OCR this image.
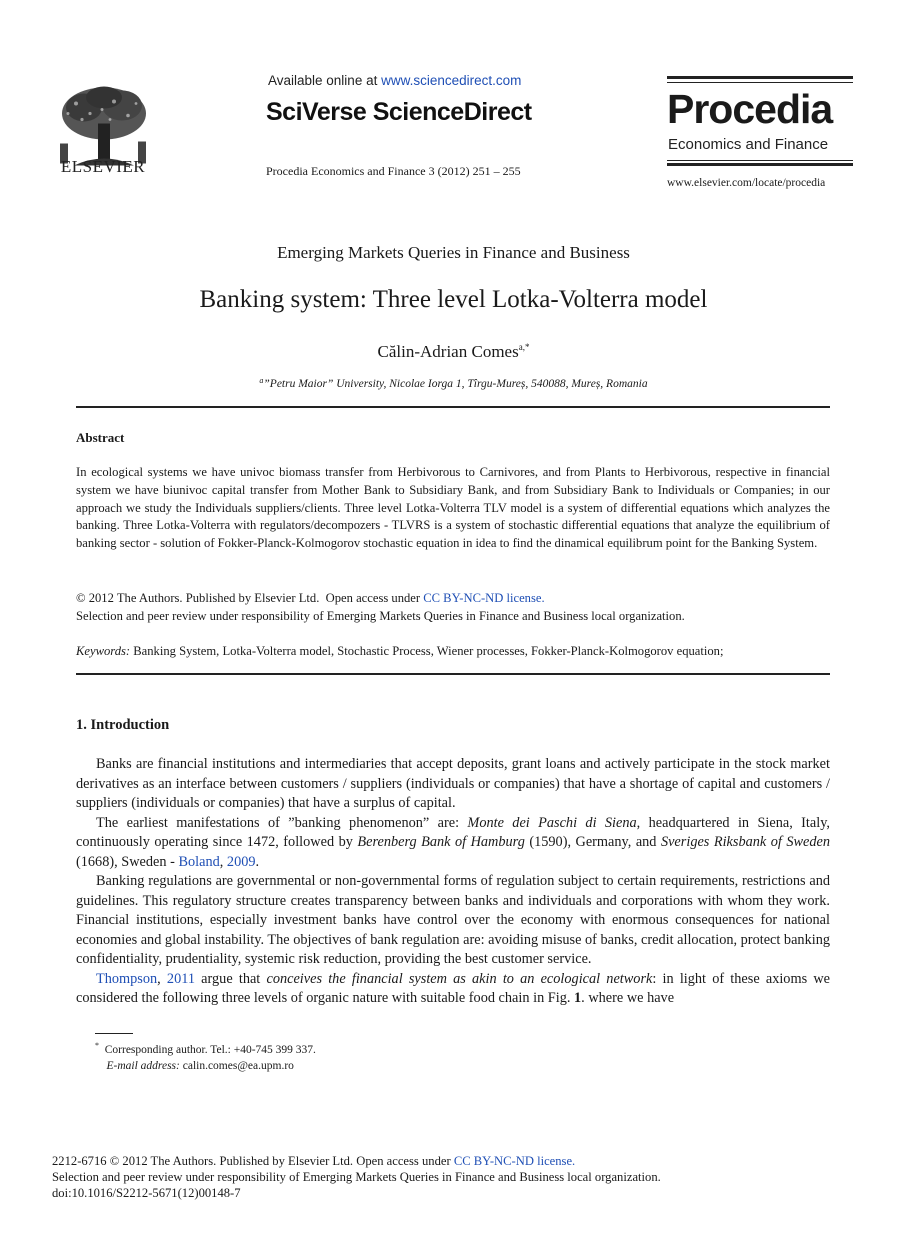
ELSEVIER
Available online at www.sciencedirect.com
SciVerse ScienceDirect
Procedia Economics and Finance 3 (2012) 251 – 255
Procedia
Economics and Finance
www.elsevier.com/locate/procedia
Emerging Markets Queries in Finance and Business
Banking system: Three level Lotka-Volterra model
Călin-Adrian Comes$^{a,*}$
$^a$”Petru Maior” University, Nicolae Iorga 1, Tîrgu-Mureș, 540088, Mureș, Romania
Abstract
In ecological systems we have univoc biomass transfer from Herbivorous to Carnivores, and from Plants to Herbivorous, respective in financial system we have biunivoc capital transfer from Mother Bank to Subsidiary Bank, and from Subsidiary Bank to Individuals or Companies; in our approach we study the Individuals suppliers/clients. Three level Lotka-Volterra TLV model is a system of differential equations which analyzes the banking. Three Lotka-Volterra with regulators/decompozers - TLVRS is a system of stochastic differential equations that analyze the equilibrium of banking sector - solution of Fokker-Planck-Kolmogorov stochastic equation in idea to find the dinamical equilibrum point for the Banking System.
© 2012 The Authors. Published by Elsevier Ltd. Open access under CC BY-NC-ND license.
Selection and peer review under responsibility of Emerging Markets Queries in Finance and Business local organization.
Keywords: Banking System, Lotka-Volterra model, Stochastic Process, Wiener processes, Fokker-Planck-Kolmogorov equation;
1. Introduction

Banks are financial institutions and intermediaries that accept deposits, grant loans and actively participate in the stock market derivatives as an interface between customers / suppliers (individuals or companies) that have a shortage of capital and customers / suppliers (individuals or companies) that have a surplus of capital.

The earliest manifestations of ”banking phenomenon” are: Monte dei Paschi di Siena, headquartered in Siena, Italy, continuously operating since 1472, followed by Berenberg Bank of Hamburg (1590), Germany, and Sveriges Riksbank of Sweden (1668), Sweden - Boland, 2009.

Banking regulations are governmental or non-governmental forms of regulation subject to certain requirements, restrictions and guidelines. This regulatory structure creates transparency between banks and individuals and corporations with whom they work. Financial institutions, especially investment banks have control over the economy with enormous consequences for national economies and global instability. The objectives of bank regulation are: avoiding misuse of banks, credit allocation, protect banking confidentiality, prudentiality, systemic risk reduction, providing the best customer service.

Thompson, 2011 argue that conceives the financial system as akin to an ecological network: in light of these axioms we considered the following three levels of organic nature with suitable food chain in Fig. 1. where we have

* Corresponding author. Tel.: +40-745 399 337.
E-mail address: calin.comes@ea.upm.ro
2212-6716 © 2012 The Authors. Published by Elsevier Ltd. Open access under CC BY-NC-ND license.
Selection and peer review under responsibility of Emerging Markets Queries in Finance and Business local organization.
doi:10.1016/S2212-5671(12)00148-7
